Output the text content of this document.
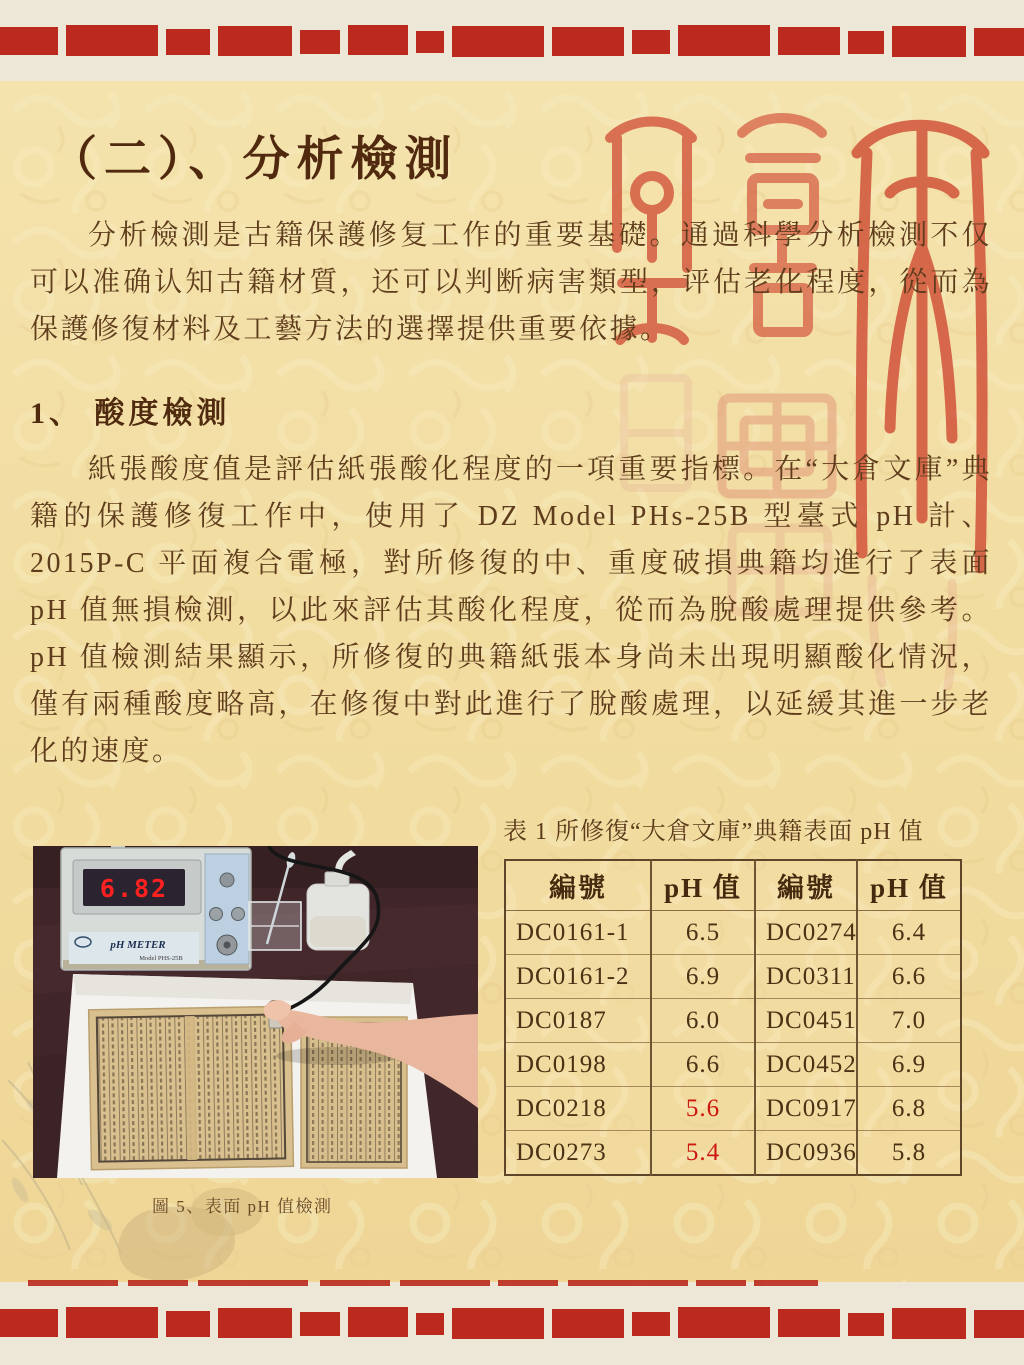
（二）、分析檢測

分析檢測是古籍保護修复工作的重要基礎。通過科學分析檢測不仅可以准确认知古籍材質，还可以判断病害類型，评估老化程度，從而為保護修復材料及工藝方法的選擇提供重要依據。

1、 酸度檢測

紙張酸度值是評估紙張酸化程度的一項重要指標。在“大倉文庫”典籍的保護修復工作中，使用了 DZ Model PHs-25B 型臺式 pH 計、2015P-C 平面複合電極，對所修復的中、重度破損典籍均進行了表面 pH 值無損檢測，以此來評估其酸化程度，從而為脫酸處理提供參考。pH 值檢測結果顯示，所修復的典籍紙張本身尚未出現明顯酸化情況，僅有兩種酸度略高，在修復中對此進行了脫酸處理，以延緩其進一步老化的速度。

表 1 所修復“大倉文庫”典籍表面 pH 值

6.82
pH METER
Model PHS-25B
編號	pH 值	編號	pH 值
DC0161-1	6.5	DC0274	6.4
DC0161-2	6.9	DC0311	6.6
DC0187	6.0	DC0451	7.0
DC0198	6.6	DC0452	6.9
DC0218	5.6	DC0917	6.8
DC0273	5.4	DC0936	5.8

圖 5、表面 pH 值檢測
